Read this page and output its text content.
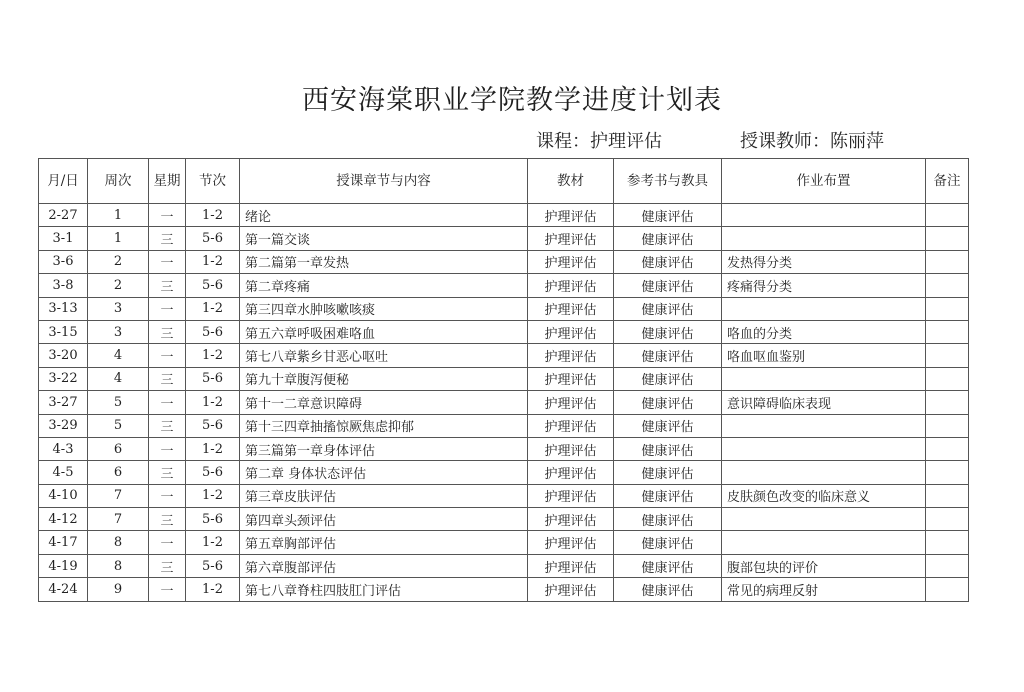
西安海棠职业学院教学进度计划表
课程：护理评估	授课教师：陈丽萍
月/日	周次	星期	节次	授课章节与内容	教材	参考书与教具	作业布置	备注
2-27	1	一	1-2	绪论	护理评估	健康评估		
3-1	1	三	5-6	第一篇交谈	护理评估	健康评估		
3-6	2	一	1-2	第二篇第一章发热	护理评估	健康评估	发热得分类	
3-8	2	三	5-6	第二章疼痛	护理评估	健康评估	疼痛得分类	
3-13	3	一	1-2	第三四章水肿咳嗽咳痰	护理评估	健康评估		
3-15	3	三	5-6	第五六章呼吸困难咯血	护理评估	健康评估	咯血的分类	
3-20	4	一	1-2	第七八章紫乡甘恶心呕吐	护理评估	健康评估	咯血呕血鉴别	
3-22	4	三	5-6	第九十章腹泻便秘	护理评估	健康评估		
3-27	5	一	1-2	第十一二章意识障碍	护理评估	健康评估	意识障碍临床表现	
3-29	5	三	5-6	第十三四章抽搐惊厥焦虑抑郁	护理评估	健康评估		
4-3	6	一	1-2	第三篇第一章身体评估	护理评估	健康评估		
4-5	6	三	5-6	第二章 身体状态评估	护理评估	健康评估		
4-10	7	一	1-2	第三章皮肤评估	护理评估	健康评估	皮肤颜色改变的临床意义	
4-12	7	三	5-6	第四章头颈评估	护理评估	健康评估		
4-17	8	一	1-2	第五章胸部评估	护理评估	健康评估		
4-19	8	三	5-6	第六章腹部评估	护理评估	健康评估	腹部包块的评价	
4-24	9	一	1-2	第七八章脊柱四肢肛门评估	护理评估	健康评估	常见的病理反射	
